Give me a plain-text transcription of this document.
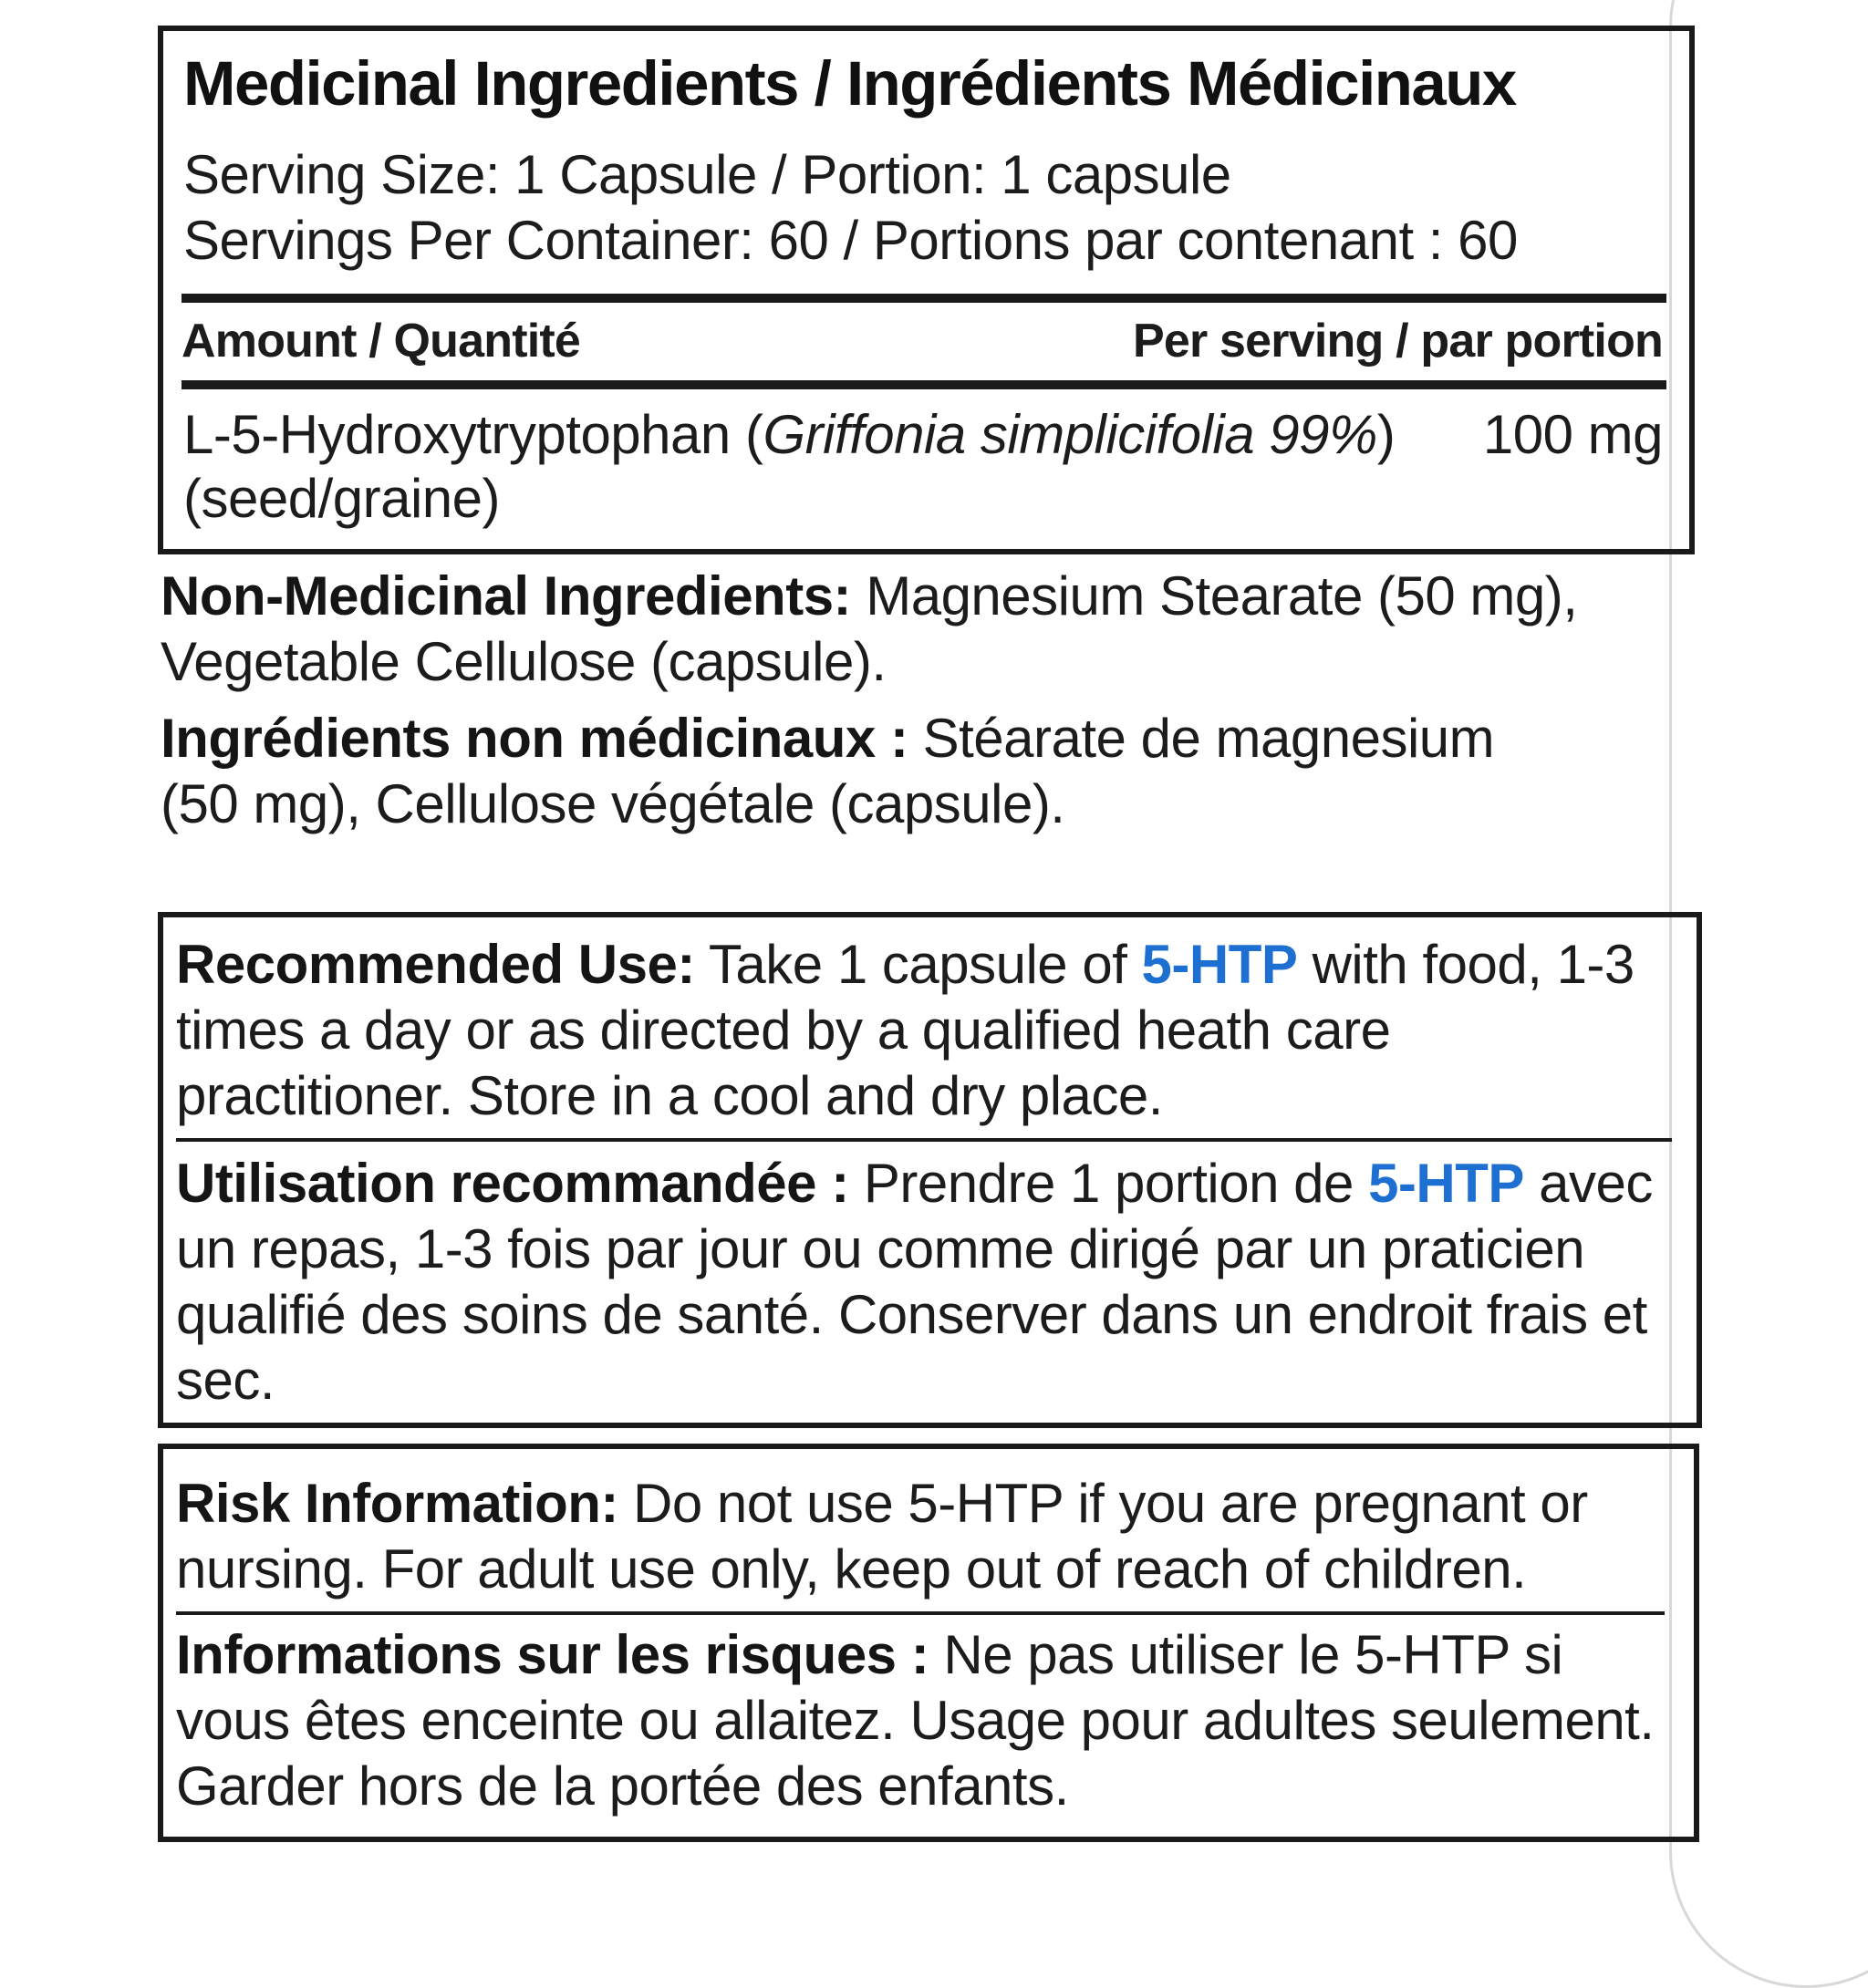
Medicinal Ingredients / Ingrédients Médicinaux
Serving Size: 1 Capsule / Portion: 1 capsule
Servings Per Container: 60 / Portions par contenant : 60
Amount / Quantité	Per serving / par portion
L-5-Hydroxytryptophan (Griffonia simplicifolia 99%) 100 mg
(seed/graine)
Non-Medicinal Ingredients: Magnesium Stearate (50 mg), Vegetable Cellulose (capsule).
Ingrédients non médicinaux : Stéarate de magnesium (50 mg), Cellulose végétale (capsule).
Recommended Use: Take 1 capsule of 5-HTP with food, 1-3 times a day or as directed by a qualified heath care practitioner. Store in a cool and dry place.
Utilisation recommandée : Prendre 1 portion de 5-HTP avec un repas, 1-3 fois par jour ou comme dirigé par un praticien qualifié des soins de santé. Conserver dans un endroit frais et sec.
Risk Information: Do not use 5-HTP if you are pregnant or nursing. For adult use only, keep out of reach of children.
Informations sur les risques : Ne pas utiliser le 5-HTP si vous êtes enceinte ou allaitez. Usage pour adultes seulement. Garder hors de la portée des enfants.
